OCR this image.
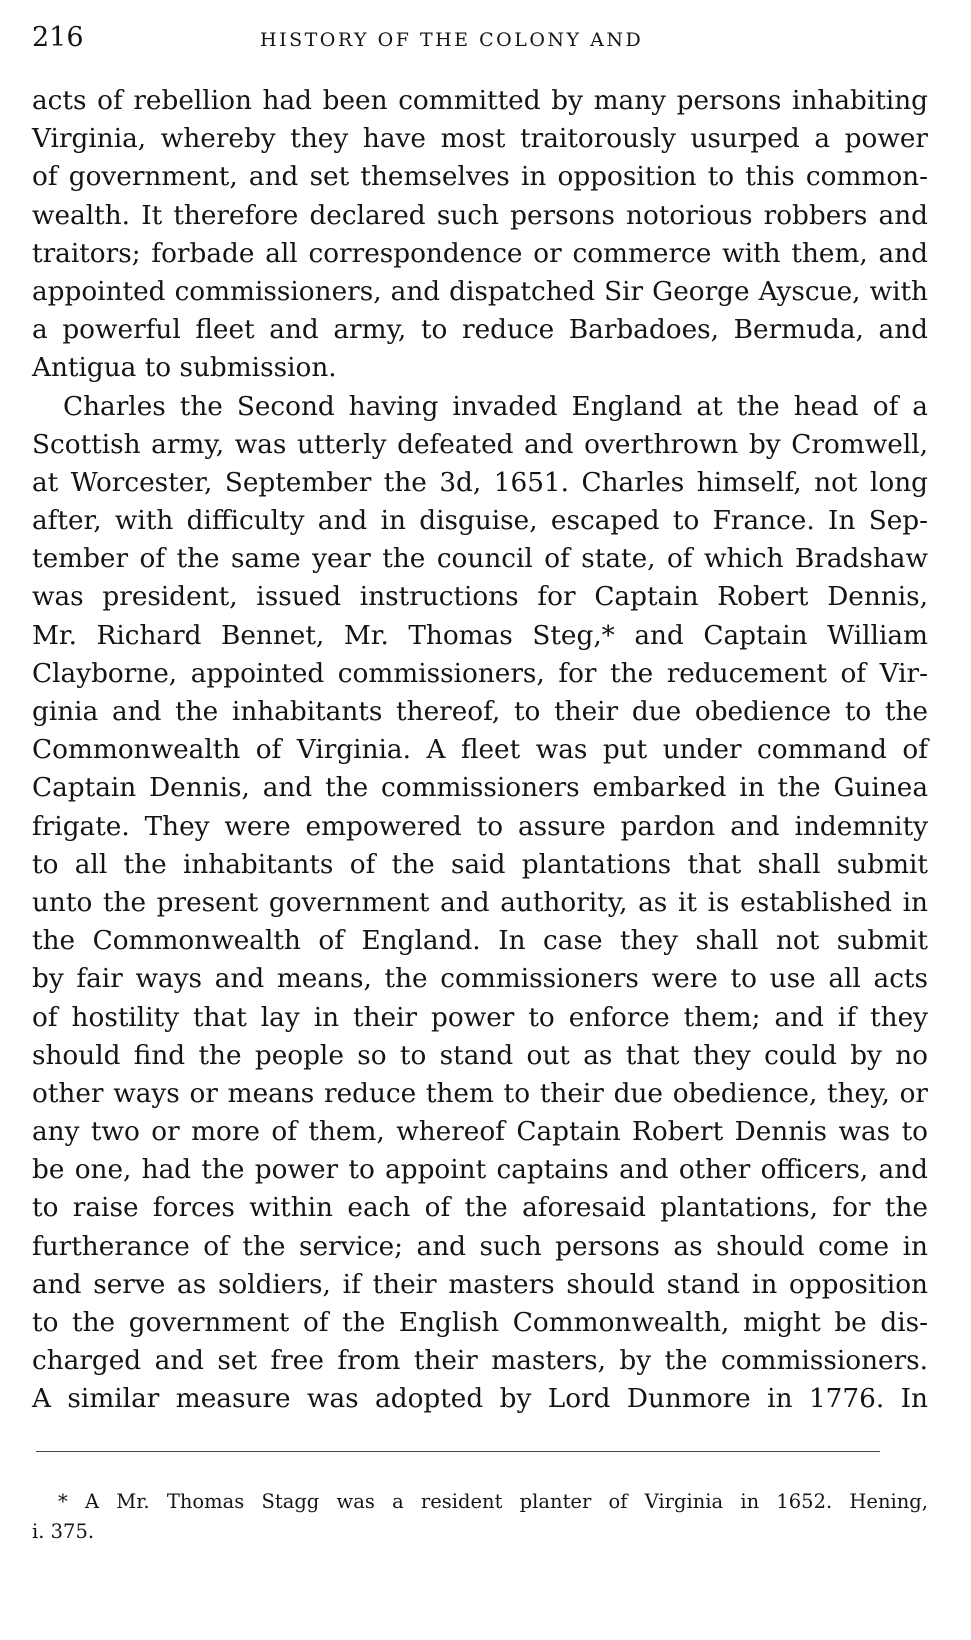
216	HISTORY OF THE COLONY AND
acts of rebellion had been committed by many persons inhabiting
Virginia, whereby they have most traitorously usurped a power
of government, and set themselves in opposition to this common-
wealth. It therefore declared such persons notorious robbers and
traitors; forbade all correspondence or commerce with them, and
appointed commissioners, and dispatched Sir George Ayscue, with
a powerful fleet and army, to reduce Barbadoes, Bermuda, and
Antigua to submission.
Charles the Second having invaded England at the head of a
Scottish army, was utterly defeated and overthrown by Cromwell,
at Worcester, September the 3d, 1651. Charles himself, not long
after, with difficulty and in disguise, escaped to France. In Sep-
tember of the same year the council of state, of which Bradshaw
was president, issued instructions for Captain Robert Dennis,
Mr. Richard Bennet, Mr. Thomas Steg,* and Captain William
Clayborne, appointed commissioners, for the reducement of Vir-
ginia and the inhabitants thereof, to their due obedience to the
Commonwealth of Virginia. A fleet was put under command of
Captain Dennis, and the commissioners embarked in the Guinea
frigate. They were empowered to assure pardon and indemnity
to all the inhabitants of the said plantations that shall submit
unto the present government and authority, as it is established in
the Commonwealth of England. In case they shall not submit
by fair ways and means, the commissioners were to use all acts
of hostility that lay in their power to enforce them; and if they
should find the people so to stand out as that they could by no
other ways or means reduce them to their due obedience, they, or
any two or more of them, whereof Captain Robert Dennis was to
be one, had the power to appoint captains and other officers, and
to raise forces within each of the aforesaid plantations, for the
furtherance of the service; and such persons as should come in
and serve as soldiers, if their masters should stand in opposition
to the government of the English Commonwealth, might be dis-
charged and set free from their masters, by the commissioners.
A similar measure was adopted by Lord Dunmore in 1776. In
* A Mr. Thomas Stagg was a resident planter of Virginia in 1652. Hening,
i. 375.
